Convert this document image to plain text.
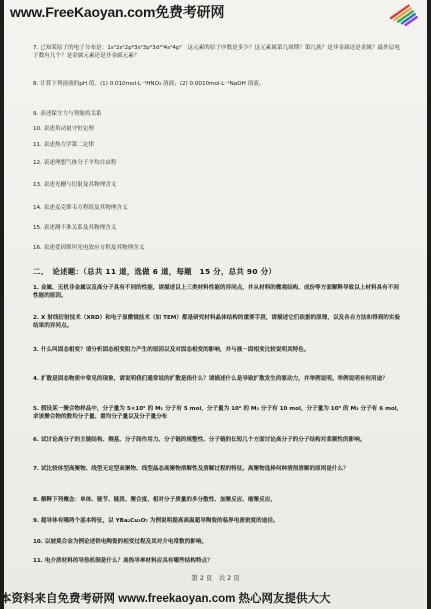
www.FreeKaoyan.com免费考研网
7. 已知某原子的电子分布是：1s²2s²2p⁶3s²3p⁶3d¹⁰4s²4p⁵　这元素的原子序数是多少？这元素属第几周期？第几族？是非金属还是金属？最外层电子数有几个？是金属元素还是非金属元素？
8. 计算下列溶液的pH 值。(1) 0.010mol·L⁻¹HNO₃ 溶液；(2) 0.0010mol·L⁻¹NaOH 溶液。
9. 表述保守力与势能的关系
10. 表述角动量守恒定理
11. 表述热力学第二定律
12. 表述理想气体分子平均自由程
13. 表述光栅与衍射及其物理含义
14. 表述麦克斯韦方程组及其物理含义
15. 表述测不准关系及其物理含义
16. 表述爱因斯坦光电效应方程及其物理含义
二、　论述题：（总共 11 道，选做 6 道，每题　15 分，总共 90 分）
1. 金属、无机非金属以及高分子具有不同的性能，请描述以上三类材料性能的异同点，并从材料的微观结构、成份等方面解释导致以上材料具有不同性能的原因。
2. X 射线衍射技术（XRD）和电子显微镜技术（如 TEM）都是研究材料晶体结构的重要手段，请描述它们依据的原理，以及各自方法和得到的实验结果的异同点。
3. 什么叫固态相变？请分析固态相变阻力产生的原因以及对固态相变的影响，并与液－固相变比较说明其特色。
4. 扩散是固态物质中常见的现象，请说明我们通常说的扩散是指什么？请描述什么是导致扩散发生的驱动力，并举例说明。举例说明有何用途？
5. 假设某一聚合物样品中，分子量为 5×10⁵ 的 M₁ 分子有 5 mol，分子量为 10⁶ 的 M₂ 分子有 10 mol，分子量为 10⁵ 的 M₃ 分子有 6 mol，求该聚合物的数均分子量、重均分子量以及分子量分布
6. 试讨论高分子的主链结构、侧基、分子间作用力、分子链的规整性、分子链的长短几个方面讨论高分子的分子结构对柔顺性的影响。
7. 试比较体型高聚物、线型无定型高聚物、线型晶态高聚物溶解性及溶解过程的特征。高聚物选择何种溶剂溶解的原则是什么？
8. 解释下列概念：单体、链节、链段、聚合度、相对分子质量的多分散性、加聚反应、缩聚反应。
9. 超导体有哪两个基本特征，以 YBa₂Cu₃O₇ 为例说明提高高温超导陶瓷的临界电流密度的途径。
10. 以坡莫合金为例论述铁电陶瓷的相变过程及其对介电常数的影响。
11. 电介质材料的导热机制是什么？高热导率材料应具有哪些结构特点？
第 2 页　共 2 页
本资料来自免费考研网 www.freekaoyan.com 热心网友提供大大
